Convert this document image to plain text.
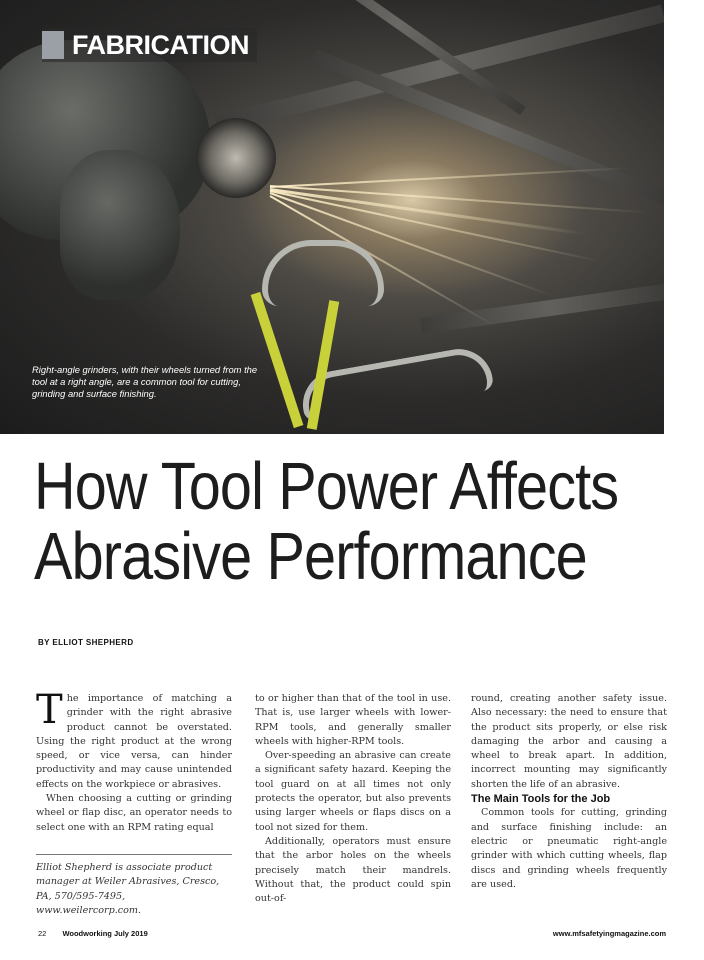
FABRICATION
Right-angle grinders, with their wheels turned from the tool at a right angle, are a common tool for cutting, grinding and surface finishing.
How Tool Power Affects
Abrasive Performance
BY ELLIOT SHEPHERD

The importance of matching a grinder with the right abrasive product cannot be overstated. Using the right product at the wrong speed, or vice versa, can hinder productivity and may cause unintended effects on the workpiece or abrasives.

When choosing a cutting or grinding wheel or flap disc, an operator needs to select one with an RPM rating equal

Elliot Shepherd is associate product manager at Weiler Abrasives, Cresco, PA, 570/595-7495, www.weilercorp.com.

to or higher than that of the tool in use. That is, use larger wheels with lower-RPM tools, and generally smaller wheels with higher-RPM tools.

Over-speeding an abrasive can create a significant safety hazard. Keeping the tool guard on at all times not only protects the operator, but also prevents using larger wheels or flaps discs on a tool not sized for them.

Additionally, operators must ensure that the arbor holes on the wheels precisely match their mandrels. Without that, the product could spin out-of-

round, creating another safety issue. Also necessary: the need to ensure that the product sits properly, or else risk damaging the arbor and causing a wheel to break apart. In addition, incorrect mounting may significantly shorten the life of an abrasive.

The Main Tools for the Job

Common tools for cutting, grinding and surface finishing include: an electric or pneumatic right-angle grinder with which cutting wheels, flap discs and grinding wheels frequently are used.

22 Woodworking July 2019	www.mfsafetyingmagazine.com
